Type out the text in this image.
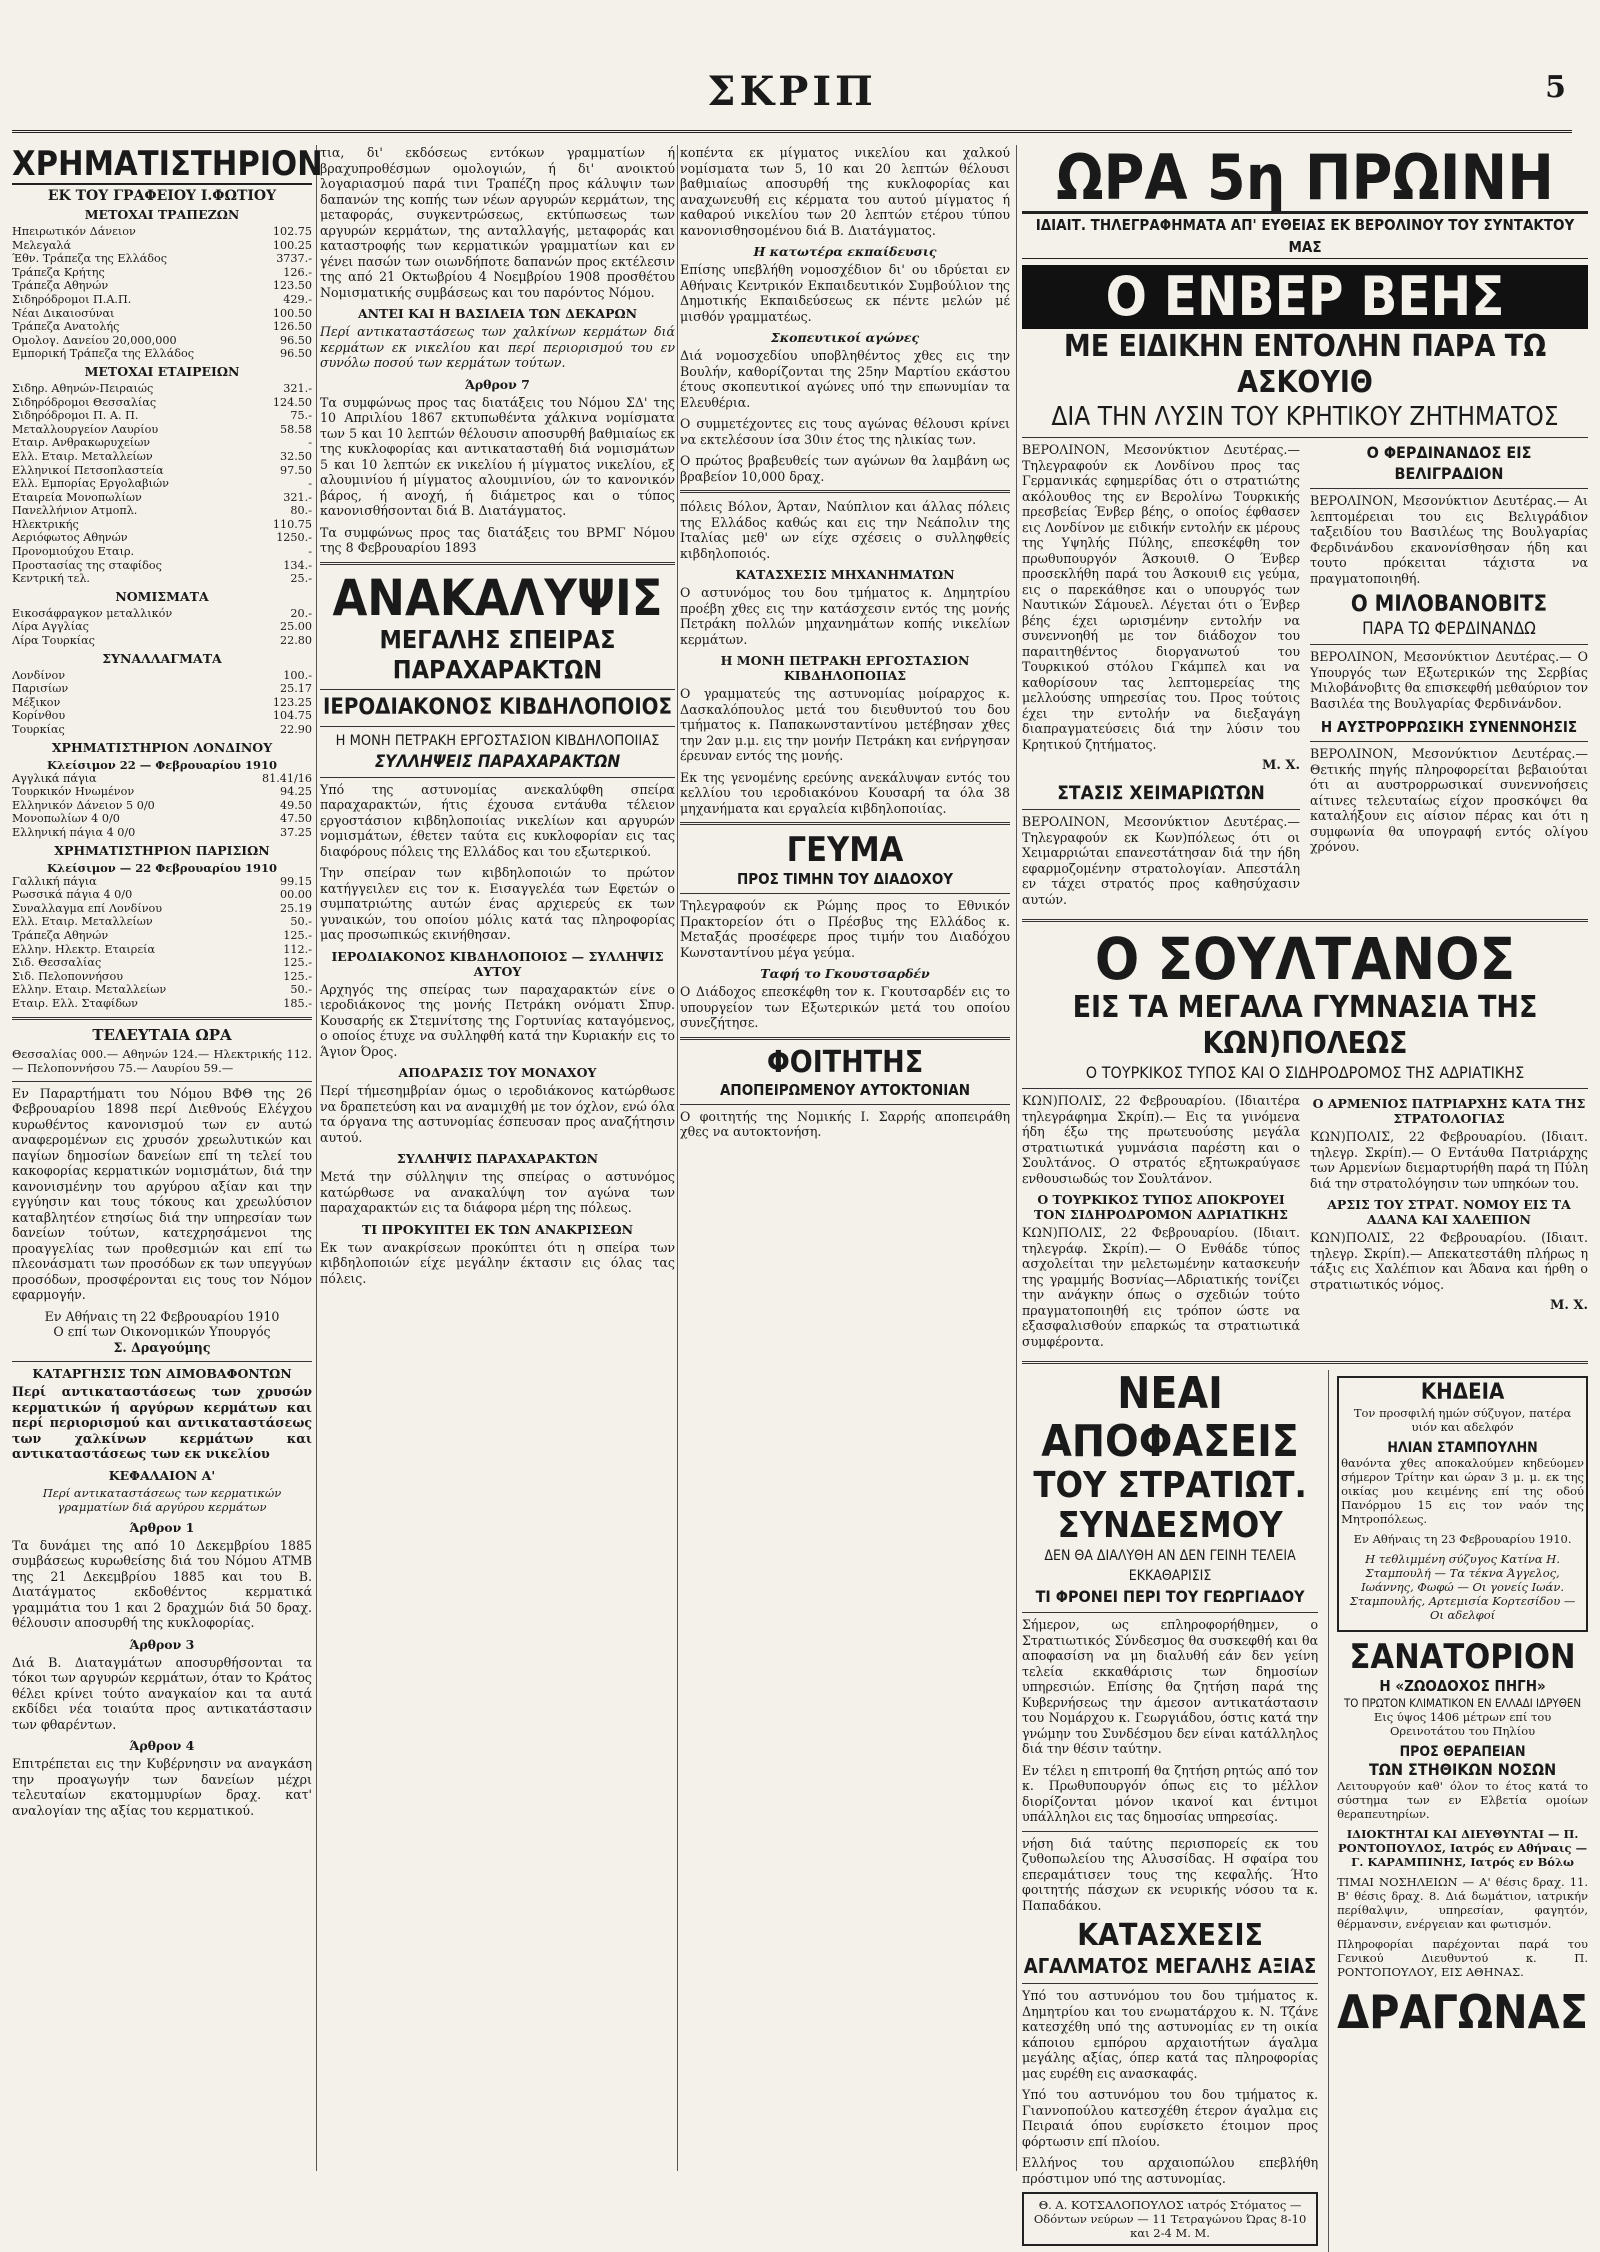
ΣΚΡΙΠ	5
ΧΡΗΜΑΤΙΣΤΗΡΙΟΝ
ΕΚ ΤΟΥ ΓΡΑΦΕΙΟΥ Ι.ΦΩΤΙΟΥ
ΜΕΤΟΧΑΙ ΤΡΑΠΕΖΩΝ
Ηπειρωτικόν Δάνειον	102.75
Μελεγαλά	100.25
Έθν. Τράπεζα της Ελλάδος	3737.-
Τράπεζα Κρήτης	126.-
Τράπεζα Αθηνών	123.50
Σιδηρόδρομοι Π.Α.Π.	429.-
Νέαι Δικαιοσύναι	100.50
Τράπεζα Ανατολής	126.50
Ομολογ. Δανείου 20,000,000	96.50
Εμπορική Τράπεζα της Ελλάδος	96.50
ΜΕΤΟΧΑΙ ΕΤΑΙΡΕΙΩΝ
Σιδηρ. Αθηνών-Πειραιώς	321.-
Σιδηρόδρομοι Θεσσαλίας	124.50
Σιδηρόδρομοι Π. Α. Π.	75.-
Μεταλλουργείον Λαυρίου	58.58
Εταιρ. Ανθρακωρυχείων	-
Ελλ. Εταιρ. Μεταλλείων	32.50
Ελληνικοί Πετσοπλαστεία	97.50
Ελλ. Εμπορίας Εργολαβιών	-
Εταιρεία Μονοπωλίων	321.-
Πανελλήνιον Ατμοπλ.	80.-
Ηλεκτρικής	110.75
Αεριόφωτος Αθηνών	1250.-
Προνομιούχου Εταιρ.	-
Προστασίας της σταφίδος	134.-
Κεντρική τελ.	25.-
ΝΟΜΙΣΜΑΤΑ
Εικοσάφραγκον μεταλλικόν	20.-
Λίρα Αγγλίας	25.00
Λίρα Τουρκίας	22.80
ΣΥΝΑΛΛΑΓΜΑΤΑ
Λονδίνον	100.-
Παρισίων	25.17
Μέξικον	123.25
Κορίνθου	104.75
Τουρκίας	22.90
ΧΡΗΜΑΤΙΣΤΗΡΙΟΝ ΛΟΝΔΙΝΟΥ
Κλείσιμον 22 — Φεβρουαρίου 1910
Αγγλικά πάγια	81.41/16
Τουρκικόν Ηνωμένον	94.25
Ελληνικόν Δάνειον 5 0/0	49.50
Μονοπωλίων 4 0/0	47.50
Ελληνική πάγια 4 0/0	37.25
ΧΡΗΜΑΤΙΣΤΗΡΙΟΝ ΠΑΡΙΣΙΩΝ
Κλείσιμον — 22 Φεβρουαρίου 1910
Γαλλική πάγια	99.15
Ρωσσικά πάγια 4 0/0	00.00
Συναλλαγμα επί Λονδίνου	25.19
Ελλ. Εταιρ. Μεταλλείων	50.-
Τράπεζα Αθηνών	125.-
Ελλην. Ηλεκτρ. Εταιρεία	112.-
Σιδ. Θεσσαλίας	125.-
Σιδ. Πελοποννήσου	125.-
Ελλην. Εταιρ. Μεταλλείων	50.-
Εταιρ. Ελλ. Σταφίδων	185.-
ΤΕΛΕΥΤΑΙΑ ΩΡΑ

Θεσσαλίας 000.— Αθηνών 124.— Ηλεκτρικής 112.— Πελοποννήσου 75.— Λαυρίου 59.—

Εν Παραρτήματι του Νόμου ΒΦΘ της 26 Φεβρουαρίου 1898 περί Διεθνούς Ελέγχου κυρωθέντος κανονισμού των εν αυτώ αναφερομένων εις χρυσόν χρεωλυτικών και παγίων δημοσίων δανείων επί τη τελεί του κακοφορίας κερματικών νομισμάτων, διά την κανονισμένην του αργύρου αξίαν και την εγγύησιν και τους τόκους και χρεωλύσιον καταβλητέον ετησίως διά την υπηρεσίαν των δανείων τούτων, κατεχρησάμενοι της προαγγελίας των προθεσμιών και επί τω πλεονάσματι των προσόδων εκ των υπεγγύων προσόδων, προσφέρονται εις τους τον Νόμον εφαρμογήν.

Εν Αθήναις τη 22 Φεβρουαρίου 1910

Ο επί των Οικονομικών Υπουργός

Σ. Δραγούμης

ΚΑΤΑΡΓΗΣΙΣ ΤΩΝ ΑΙΜΟΒΑΦΟΝΤΩΝ

Περί αντικαταστάσεως των χρυσών κερματικών ή αργύρων κερμάτων και περί περιορισμού και αντικαταστάσεως των χαλκίνων κερμάτων και αντικαταστάσεως των εκ νικελίου

ΚΕΦΑΛΑΙΟΝ Α'

Περί αντικαταστάσεως των κερματικών γραμματίων διά αργύρου κερμάτων

Άρθρον 1

Τα δυνάμει της από 10 Δεκεμβρίου 1885 συμβάσεως κυρωθείσης διά του Νόμου ΑΤΜΒ της 21 Δεκεμβρίου 1885 και του Β. Διατάγματος εκδοθέντος κερματικά γραμμάτια του 1 και 2 δραχμών διά 50 δραχ. θέλουσιν αποσυρθή της κυκλοφορίας.

Άρθρον 3

Διά Β. Διαταγμάτων αποσυρθήσονται τα τόκοι των αργυρών κερμάτων, όταν το Κράτος θέλει κρίνει τούτο αναγκαίον και τα αυτά εκδίδει νέα τοιαύτα προς αντικατάστασιν των φθαρέντων.

Άρθρον 4

Επιτρέπεται εις την Κυβέρνησιν να αναγκάση την προαγωγήν των δανείων μέχρι τελευταίων εκατομμυρίων δραχ. κατ' αναλογίαν της αξίας του κερματικού.

τια, δι' εκδόσεως εντόκων γραμματίων ή βραχυπροθέσμων ομολογιών, ή δι' ανοικτού λογαριασμού παρά τινι Τραπέζη προς κάλυψιν των δαπανών της κοπής των νέων αργυρών κερμάτων, της μεταφοράς, συγκεντρώσεως, εκτύπωσεως των αργυρών κερμάτων, της ανταλλαγής, μεταφοράς και καταστροφής των κερματικών γραμματίων και εν γένει πασών των οιωνδήποτε δαπανών προς εκτέλεσιν της από 21 Οκτωβρίου 4 Νοεμβρίου 1908 προσθέτου Νομισματικής συμβάσεως και του παρόντος Νόμου.

ΑΝΤΕΙ ΚΑΙ Η ΒΑΣΙΛΕΙΑ ΤΩΝ ΔΕΚΑΡΩΝ

Περί αντικαταστάσεως των χαλκίνων κερμάτων διά κερμάτων εκ νικελίου και περί περιορισμού του εν συνόλω ποσού των κερμάτων τούτων.

Άρθρον 7

Τα συμφώνως προς τας διατάξεις του Νόμου ΣΔ' της 10 Απριλίου 1867 εκτυπωθέντα χάλκινα νομίσματα των 5 και 10 λεπτών θέλουσιν αποσυρθή βαθμιαίως εκ της κυκλοφορίας και αντικατασταθή διά νομισμάτων 5 και 10 λεπτών εκ νικελίου ή μίγματος νικελίου, εξ αλουμινίου ή μίγματος αλουμινίου, ών το κανονικόν βάρος, ή ανοχή, ή διάμετρος και ο τύπος κανονισθήσονται διά Β. Διατάγματος.

Τα συμφώνως προς τας διατάξεις του ΒΡΜΓ Νόμου της 8 Φεβρουαρίου 1893

ΑΝΑΚΑΛΥΨΙΣ
ΜΕΓΑΛΗΣ ΣΠΕΙΡΑΣ ΠΑΡΑΧΑΡΑΚΤΩΝ
ΙΕΡΟΔΙΑΚΟΝΟΣ ΚΙΒΔΗΛΟΠΟΙΟΣ
Η ΜΟΝΗ ΠΕΤΡΑΚΗ ΕΡΓΟΣΤΑΣΙΟΝ ΚΙΒΔΗΛΟΠΟΙΙΑΣ
ΣΥΛΛΗΨΕΙΣ ΠΑΡΑΧΑΡΑΚΤΩΝ

Υπό της αστυνομίας ανεκαλύφθη σπείρα παραχαρακτών, ήτις έχουσα εντάυθα τέλειον εργοστάσιον κιβδηλοποιίας νικελίων και αργυρών νομισμάτων, έθετεν ταύτα εις κυκλοφορίαν εις τας διαφόρους πόλεις της Ελλάδος και του εξωτερικού.

Την σπείραν των κιβδηλοποιών το πρώτον κατήγγειλεν εις τον κ. Εισαγγελέα των Εφετών ο συμπατριώτης αυτών ένας αρχιερεύς εκ των γυναικών, του οποίου μόλις κατά τας πληροφορίας μας προσωπικώς εκινήθησαν.

ΙΕΡΟΔΙΑΚΟΝΟΣ ΚΙΒΔΗΛΟΠΟΙΟΣ — ΣΥΛΛΗΨΙΣ ΑΥΤΟΥ

Αρχηγός της σπείρας των παραχαρακτών είνε ο ιεροδιάκονος της μονής Πετράκη ονόματι Σπυρ. Κουσαρής εκ Στεμνίτσης της Γορτυνίας καταγόμενος, ο οποίος έτυχε να συλληφθή κατά την Κυριακήν εις το Άγιον Όρος.

ΑΠΟΔΡΑΣΙΣ ΤΟΥ ΜΟΝΑΧΟΥ

Περί τήμεσημβρίαν όμως ο ιεροδιάκονος κατώρθωσε να δραπετεύση και να αναμιχθή με τον όχλον, ενώ όλα τα όργανα της αστυνομίας έσπευσαν προς αναζήτησιν αυτού.

ΣΥΛΛΗΨΙΣ ΠΑΡΑΧΑΡΑΚΤΩΝ

Μετά την σύλληψιν της σπείρας ο αστυνόμος κατώρθωσε να ανακαλύψη τον αγώνα των παραχαρακτών εις τα διάφορα μέρη της πόλεως.

ΤΙ ΠΡΟΚΥΠΤΕΙ ΕΚ ΤΩΝ ΑΝΑΚΡΙΣΕΩΝ

Εκ των ανακρίσεων προκύπτει ότι η σπείρα των κιβδηλοποιών είχε μεγάλην έκτασιν εις όλας τας πόλεις.

κοπέντα εκ μίγματος νικελίου και χαλκού νομίσματα των 5, 10 και 20 λεπτών θέλουσι βαθμιαίως αποσυρθή της κυκλοφορίας και αναχωνευθή εις κέρματα του αυτού μίγματος ή καθαρού νικελίου των 20 λεπτών ετέρου τύπου κανονισθησομένου διά Β. Διατάγματος.

Η κατωτέρα εκπαίδευσις

Επίσης υπεβλήθη νομοσχέδιον δι' ου ιδρύεται εν Αθήναις Κεντρικόν Εκπαιδευτικόν Συμβούλιον της Δημοτικής Εκπαιδεύσεως εκ πέντε μελών μέ μισθόν γραμματέως.

Σκοπευτικοί αγώνες

Διά νομοσχεδίου υποβληθέντος χθες εις την Βουλήν, καθορίζονται της 25ην Μαρτίου εκάστου έτους σκοπευτικοί αγώνες υπό την επωνυμίαν τα Ελευθέρια.

Ο συμμετέχοντες εις τους αγώνας θέλουσι κρίνει να εκτελέσουν ίσα 30ιν έτος της ηλικίας των.

Ο πρώτος βραβευθείς των αγώνων θα λαμβάνη ως βραβείον 10,000 δραχ.

πόλεις Βόλον, Άρταν, Ναύπλιον και άλλας πόλεις της Ελλάδος καθώς και εις την Νεάπολιν της Ιταλίας μεθ' ων είχε σχέσεις ο συλληφθείς κιβδηλοποιός.

ΚΑΤΑΣΧΕΣΙΣ ΜΗΧΑΝΗΜΑΤΩΝ

Ο αστυνόμος του δου τμήματος κ. Δημητρίου προέβη χθες εις την κατάσχεσιν εντός της μονής Πετράκη πολλών μηχανημάτων κοπής νικελίων κερμάτων.

Η ΜΟΝΗ ΠΕΤΡΑΚΗ ΕΡΓΟΣΤΑΣΙΟΝ ΚΙΒΔΗΛΟΠΟΙΙΑΣ

Ο γραμματεύς της αστυνομίας μοίραρχος κ. Δασκαλόπουλος μετά του διευθυντού του δου τμήματος κ. Παπακωνσταντίνου μετέβησαν χθες την 2αν μ.μ. εις την μονήν Πετράκη και ενήργησαν έρευναν εντός της μονής.

Εκ της γενομένης ερεύνης ανεκάλυψαν εντός του κελλίου του ιεροδιακόνου Κουσαρή τα όλα 38 μηχανήματα και εργαλεία κιβδηλοποιίας.

ΓΕΥΜΑ
ΠΡΟΣ ΤΙΜΗΝ ΤΟΥ ΔΙΑΔΟΧΟΥ

Τηλεγραφούν εκ Ρώμης προς το Εθνικόν Πρακτορείον ότι ο Πρέσβυς της Ελλάδος κ. Μεταξάς προσέφερε προς τιμήν του Διαδόχου Κωνσταντίνου μέγα γεύμα.

Ταφή το Γκουστσαρδέν

Ο Διάδοχος επεσκέφθη τον κ. Γκουτσαρδέν εις το υπουργείον των Εξωτερικών μετά του οποίου συνεζήτησε.

ΦΟΙΤΗΤΗΣ
ΑΠΟΠΕΙΡΩΜΕΝΟΥ ΑΥΤΟΚΤΟΝΙΑΝ

Ο φοιτητής της Νομικής Ι. Σαρρής αποπειράθη χθες να αυτοκτονήση.

ΩΡΑ 5η ΠΡΩΙΝΗ
ΙΔΙΑΙΤ. ΤΗΛΕΓΡΑΦΗΜΑΤΑ ΑΠ' ΕΥΘΕΙΑΣ ΕΚ ΒΕΡΟΛΙΝΟΥ ΤΟΥ ΣΥΝΤΑΚΤΟΥ ΜΑΣ
Ο ΕΝΒΕΡ ΒΕΗΣ
ΜΕ ΕΙΔΙΚΗΝ ΕΝΤΟΛΗΝ ΠΑΡΑ ΤΩ ΑΣΚΟΥΙΘ
ΔΙΑ ΤΗΝ ΛΥΣΙΝ ΤΟΥ ΚΡΗΤΙΚΟΥ ΖΗΤΗΜΑΤΟΣ

ΒΕΡΟΛΙΝΟΝ, Μεσονύκτιον Δευτέρας.—Τηλεγραφούν εκ Λονδίνου προς τας Γερμανικάς εφημερίδας ότι ο στρατιώτης ακόλουθος της εν Βερολίνω Τουρκικής πρεσβείας Ένβερ βέης, ο οποίος έφθασεν εις Λονδίνον με ειδικήν εντολήν εκ μέρους της Υψηλής Πύλης, επεσκέφθη τον πρωθυπουργόν Άσκουιθ. Ο Ένβερ προσεκλήθη παρά του Άσκουιθ εις γεύμα, εις ο παρεκάθησε και ο υπουργός των Ναυτικών Σάμουελ. Λέγεται ότι ο Ένβερ βέης έχει ωρισμένην εντολήν να συνεννοηθή με τον διάδοχον του παραιτηθέντος διοργανωτού του Τουρκικού στόλου Γκάμπελ και να καθορίσουν τας λεπτομερείας της μελλούσης υπηρεσίας του. Προς τούτοις έχει την εντολήν να διεξαγάγη διαπραγματεύσεις διά την λύσιν του Κρητικού ζητήματος.

Μ. Χ.
ΣΤΑΣΙΣ ΧΕΙΜΑΡΙΩΤΩΝ

ΒΕΡΟΛΙΝΟΝ, Μεσονύκτιον Δευτέρας.—Τηλεγραφούν εκ Κων)πόλεως ότι οι Χειμαρριώται επανεστάτησαν διά την ήδη εφαρμοζομένην στρατολογίαν. Απεστάλη εν τάχει στρατός προς καθησύχασιν αυτών.

Ο ΦΕΡΔΙΝΑΝΔΟΣ ΕΙΣ ΒΕΛΙΓΡΑΔΙΟΝ

ΒΕΡΟΛΙΝΟΝ, Μεσονύκτιον Δευτέρας.— Αι λεπτομέρειαι του εις Βελιγράδιον ταξειδίου του Βασιλέως της Βουλγαρίας Φερδινάνδου εκανονίσθησαν ήδη και τουτο πρόκειται τάχιστα να πραγματοποιηθή.

Ο ΜΙΛΟΒΑΝΟΒΙΤΣ
ΠΑΡΑ ΤΩ ΦΕΡΔΙΝΑΝΔΩ

ΒΕΡΟΛΙΝΟΝ, Μεσονύκτιον Δευτέρας.— Ο Υπουργός των Εξωτερικών της Σερβίας Μιλοβάνοβιτς θα επισκεφθή μεθαύριον τον Βασιλέα της Βουλγαρίας Φερδινάνδον.

Η ΑΥΣΤΡΟΡΡΩΣΙΚΗ ΣΥΝΕΝΝΟΗΣΙΣ

ΒΕΡΟΛΙΝΟΝ, Μεσονύκτιον Δευτέρας.— Θετικής πηγής πληροφορείται βεβαιούται ότι αι αυστρορρωσικαί συνεννοήσεις αίτινες τελευταίως είχον προσκόψει θα καταλήξουν εις αίσιον πέρας και ότι η συμφωνία θα υπογραφή εντός ολίγου χρόνου.

Ο ΣΟΥΛΤΑΝΟΣ
ΕΙΣ ΤΑ ΜΕΓΑΛΑ ΓΥΜΝΑΣΙΑ ΤΗΣ ΚΩΝ)ΠΟΛΕΩΣ
Ο ΤΟΥΡΚΙΚΟΣ ΤΥΠΟΣ ΚΑΙ Ο ΣΙΔΗΡΟΔΡΟΜΟΣ ΤΗΣ ΑΔΡΙΑΤΙΚΗΣ

ΚΩΝ)ΠΟΛΙΣ, 22 Φεβρουαρίου. (Ιδιαιτέρα τηλεγράφημα Σκρίπ).— Εις τα γινόμενα ήδη έξω της πρωτευούσης μεγάλα στρατιωτικά γυμνάσια παρέστη και ο Σουλτάνος. Ο στρατός εξητωκραύγασε ενθουσιωδώς τον Σουλτάνον.

Ο ΤΟΥΡΚΙΚΟΣ ΤΥΠΟΣ ΑΠΟΚΡΟΥΕΙ ΤΟΝ ΣΙΔΗΡΟΔΡΟΜΟΝ ΑΔΡΙΑΤΙΚΗΣ

ΚΩΝ)ΠΟΛΙΣ, 22 Φεβρουαρίου. (Ιδιαιτ. τηλεγράφ. Σκρίπ).— Ο Ενθάδε τύπος ασχολείται την μελετωμένην κατασκευήν της γραμμής Βοσνίας—Αδριατικής τονίζει την ανάγκην όπως ο σχεδιών τούτο πραγματοποιηθή εις τρόπον ώστε να εξασφαλισθούν επαρκώς τα στρατιωτικά συμφέροντα.

Ο ΑΡΜΕΝΙΟΣ ΠΑΤΡΙΑΡΧΗΣ ΚΑΤΑ ΤΗΣ ΣΤΡΑΤΟΛΟΓΙΑΣ

ΚΩΝ)ΠΟΛΙΣ, 22 Φεβρουαρίου. (Ιδιαιτ. τηλεγρ. Σκρίπ).— Ο Εντάυθα Πατριάρχης των Αρμενίων διεμαρτυρήθη παρά τη Πύλη διά την στρατολόγησιν των υπηκόων του.

ΑΡΣΙΣ ΤΟΥ ΣΤΡΑΤ. ΝΟΜΟΥ ΕΙΣ ΤΑ ΑΔΑΝΑ ΚΑΙ ΧΑΛΕΠΙΟΝ

ΚΩΝ)ΠΟΛΙΣ, 22 Φεβρουαρίου. (Ιδιαιτ. τηλεγρ. Σκρίπ).— Απεκατεστάθη πλήρως η τάξις εις Χαλέπιον και Άδανα και ήρθη ο στρατιωτικός νόμος.

Μ. Χ.
ΝΕΑΙ ΑΠΟΦΑΣΕΙΣ
ΤΟΥ ΣΤΡΑΤΙΩΤ. ΣΥΝΔΕΣΜΟΥ
ΔΕΝ ΘΑ ΔΙΑΛΥΘΗ ΑΝ ΔΕΝ ΓΕΙΝΗ ΤΕΛΕΙΑ ΕΚΚΑΘΑΡΙΣΙΣ
ΤΙ ΦΡΟΝΕΙ ΠΕΡΙ ΤΟΥ ΓΕΩΡΓΙΑΔΟΥ

Σήμερον, ως επληροφορήθημεν, ο Στρατιωτικός Σύνδεσμος θα συσκεφθή και θα αποφασίση να μη διαλυθή εάν δεν γείνη τελεία εκκαθάρισις των δημοσίων υπηρεσιών. Επίσης θα ζητήση παρά της Κυβερνήσεως την άμεσον αντικατάστασιν του Νομάρχου κ. Γεωργιάδου, όστις κατά την γνώμην του Συνδέσμου δεν είναι κατάλληλος διά την θέσιν ταύτην.

Εν τέλει η επιτροπή θα ζητήση ρητώς από τον κ. Πρωθυπουργόν όπως εις το μέλλον διορίζονται μόνον ικανοί και έντιμοι υπάλληλοι εις τας δημοσίας υπηρεσίας.

νήση διά ταύτης περισπορείς εκ του ζυθοπωλείου της Αλυσσίδας. Η σφαίρα του επεραμάτισεν τους της κεφαλής. Ήτο φοιτητής πάσχων εκ νευρικής νόσου τα κ. Παπαδάκου.

ΚΑΤΑΣΧΕΣΙΣ
ΑΓΑΛΜΑΤΟΣ ΜΕΓΑΛΗΣ ΑΞΙΑΣ

Υπό του αστυνόμου του δου τμήματος κ. Δημητρίου και του ενωματάρχου κ. Ν. Τζάνε κατεσχέθη υπό της αστυνομίας εν τη οικία κάποιου εμπόρου αρχαιοτήτων άγαλμα μεγάλης αξίας, όπερ κατά τας πληροφορίας μας ευρέθη εις ανασκαφάς.

Υπό του αστυνόμου του δου τμήματος κ. Γιαννοπούλου κατεσχέθη έτερον άγαλμα εις Πειραιά όπου ευρίσκετο έτοιμον προς φόρτωσιν επί πλοίου.

Ελλήνος του αρχαιοπώλου επεβλήθη πρόστιμον υπό της αστυνομίας.

Θ. Α. ΚΟΤΣΑΛΟΠΟΥΛΟΣ ιατρός Στόματος — Οδόντων νεύρων — 11 Τετραγώνου Ώρας 8-10 και 2-4 Μ. Μ.
ΚΗΔΕΙΑ

Τον προσφιλή ημών σύζυγον, πατέρα υιόν και αδελφόν

ΗΛΙΑΝ ΣΤΑΜΠΟΥΛΗΝ

θανόντα χθες αποκαλούμεν κηδεύομεν σήμερον Τρίτην και ώραν 3 μ. μ. εκ της οικίας μου κειμένης επί της οδού Πανόρμου 15 εις τον ναόν της Μητροπόλεως.

Εν Αθήναις τη 23 Φεβρουαρίου 1910.

Η τεθλιμμένη σύζυγος Κατίνα Η. Σταμπουλή — Τα τέκνα Άγγελος, Ιωάννης, Φωφώ — Οι γονείς Ιωάν. Σταμπουλής, Αρτεμισία Κορτεσίδου — Οι αδελφοί

ΣΑΝΑΤΟΡΙΟΝ
Η «ΖΩΟΔΟΧΟΣ ΠΗΓΗ»
ΤΟ ΠΡΩΤΟΝ ΚΛΙΜΑΤΙΚΟΝ ΕΝ ΕΛΛΑΔΙ ΙΔΡΥΘΕΝ

Εις ύψος 1406 μέτρων επί του Ορεινοτάτου του Πηλίου

ΠΡΟΣ ΘΕΡΑΠΕΙΑΝ
ΤΩΝ ΣΤΗΘΙΚΩΝ ΝΟΣΩΝ

Λειτουργούν καθ' όλον το έτος κατά το σύστημα των εν Ελβετία ομοίων θεραπευτηρίων.

ΙΔΙΟΚΤΗΤΑΙ ΚΑΙ ΔΙΕΥΘΥΝΤΑΙ — Π. ΡΟΝΤΟΠΟΥΛΟΣ, Ιατρός εν Αθήναις — Γ. ΚΑΡΑΜΠΙΝΗΣ, Ιατρός εν Βόλω

ΤΙΜΑΙ ΝΟΣΗΛΕΙΩΝ — Α' θέσις δραχ. 11. Β' θέσις δραχ. 8. Διά δωμάτιον, ιατρικήν περίθαλψιν, υπηρεσίαν, φαγητόν, θέρμανσιν, ενέργειαν και φωτισμόν.

Πληροφορίαι παρέχονται παρά του Γενικού Διευθυντού κ. Π. ΡΟΝΤΟΠΟΥΛΟΥ, ΕΙΣ ΑΘΗΝΑΣ.

ΔΡΑΓΩΝΑΣ
